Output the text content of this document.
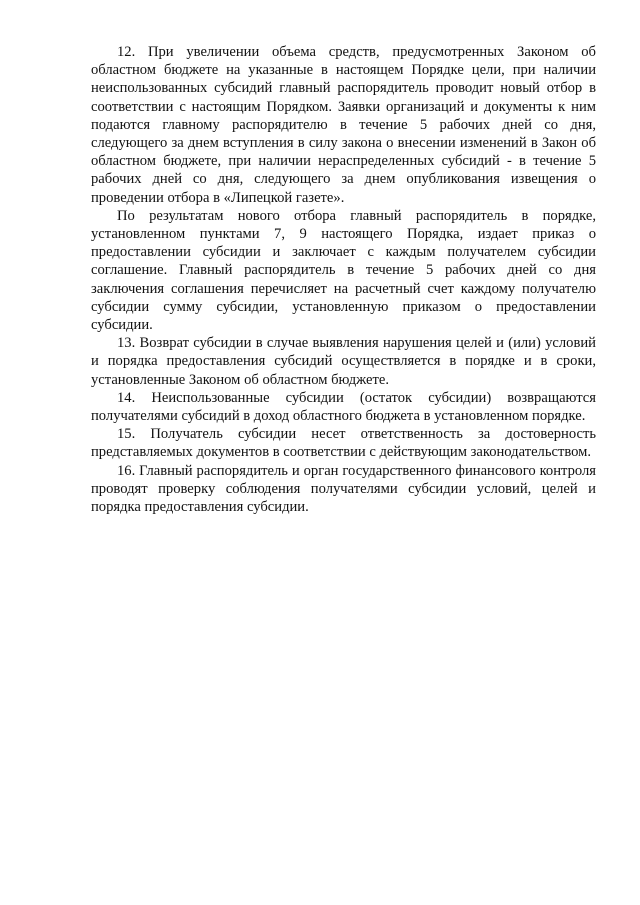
12. При увеличении объема средств, предусмотренных Законом об областном бюджете на указанные в настоящем Порядке цели, при наличии неиспользованных субсидий главный распорядитель проводит новый отбор в соответствии с настоящим Порядком. Заявки организаций и документы к ним подаются главному распорядителю в течение 5 рабочих дней со дня, следующего за днем вступления в силу закона о внесении изменений в Закон об областном бюджете, при наличии нераспределенных субсидий - в течение 5 рабочих дней со дня, следующего за днем опубликования извещения о проведении отбора в «Липецкой газете».

По результатам нового отбора главный распорядитель в порядке, установленном пунктами 7, 9 настоящего Порядка, издает приказ о предоставлении субсидии и заключает с каждым получателем субсидии соглашение. Главный распорядитель в течение 5 рабочих дней со дня заключения соглашения перечисляет на расчетный счет каждому получателю субсидии сумму субсидии, установленную приказом о предоставлении субсидии.

13. Возврат субсидии в случае выявления нарушения целей и (или) условий и порядка предоставления субсидий осуществляется в порядке и в сроки, установленные Законом об областном бюджете.

14. Неиспользованные субсидии (остаток субсидии) возвращаются получателями субсидий в доход областного бюджета в установленном порядке.

15. Получатель субсидии несет ответственность за достоверность представляемых документов в соответствии с действующим законодательством.

16. Главный распорядитель и орган государственного финансового контроля проводят проверку соблюдения получателями субсидии условий, целей и порядка предоставления субсидии.
